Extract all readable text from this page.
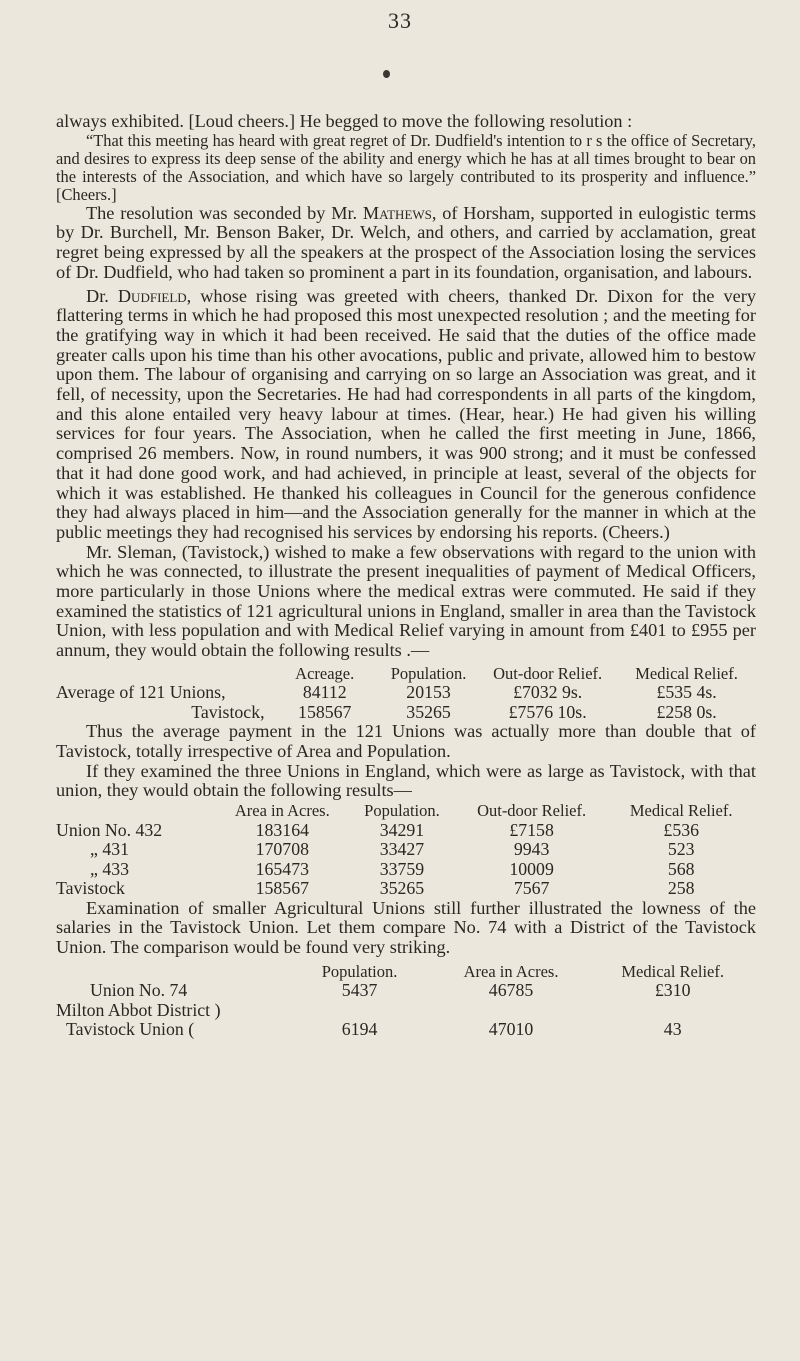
33

always exhibited. [Loud cheers.] He begged to move the following resolution :

“That this meeting has heard with great regret of Dr. Dudfield's intention to r s the office of Secretary, and desires to express its deep sense of the ability and energy which he has at all times brought to bear on the interests of the Association, and which have so largely contributed to its prosperity and influence.” [Cheers.]

The resolution was seconded by Mr. Mathews, of Horsham, supported in eulogistic terms by Dr. Burchell, Mr. Benson Baker, Dr. Welch, and others, and carried by acclamation, great regret being expressed by all the speakers at the prospect of the Association losing the services of Dr. Dudfield, who had taken so prominent a part in its foundation, organisation, and labours.

Dr. Dudfield, whose rising was greeted with cheers, thanked Dr. Dixon for the very flattering terms in which he had proposed this most unexpected resolution ; and the meeting for the gratifying way in which it had been received. He said that the duties of the office made greater calls upon his time than his other avocations, public and private, allowed him to bestow upon them. The labour of organising and carrying on so large an Association was great, and it fell, of necessity, upon the Secretaries. He had had correspondents in all parts of the kingdom, and this alone entailed very heavy labour at times. (Hear, hear.) He had given his willing services for four years. The Association, when he called the first meeting in June, 1866, comprised 26 members. Now, in round numbers, it was 900 strong; and it must be confessed that it had done good work, and had achieved, in principle at least, several of the objects for which it was established. He thanked his colleagues in Council for the generous confidence they had always placed in him—and the Association generally for the manner in which at the public meetings they had recognised his services by endorsing his reports. (Cheers.)

Mr. Sleman, (Tavistock,) wished to make a few observations with regard to the union with which he was connected, to illustrate the present inequalities of payment of Medical Officers, more particularly in those Unions where the medical extras were commuted. He said if they examined the statistics of 121 agricultural unions in England, smaller in area than the Tavistock Union, with less population and with Medical Relief varying in amount from £401 to £955 per annum, they would obtain the following results .—

	Acreage.	Population.	Out-door Relief.	Medical Relief.
Average of 121 Unions,	84112	20153	£7032 9s.	£535 4s.
Tavistock,	158567	35265	£7576 10s.	£258 0s.

Thus the average payment in the 121 Unions was actually more than double that of Tavistock, totally irrespective of Area and Population.

If they examined the three Unions in England, which were as large as Tavistock, with that union, they would obtain the following results—

	Area in Acres.	Population.	Out-door Relief.	Medical Relief.
Union No. 432	183164	34291	£7158	£536
„ 431	170708	33427	9943	523
„ 433	165473	33759	10009	568
Tavistock	158567	35265	7567	258

Examination of smaller Agricultural Unions still further illustrated the lowness of the salaries in the Tavistock Union. Let them compare No. 74 with a District of the Tavistock Union. The comparison would be found very striking.

	Population.	Area in Acres.	Medical Relief.
Union No. 74	5437	46785	£310
Milton Abbot District )			
Tavistock Union (	6194	47010	43
